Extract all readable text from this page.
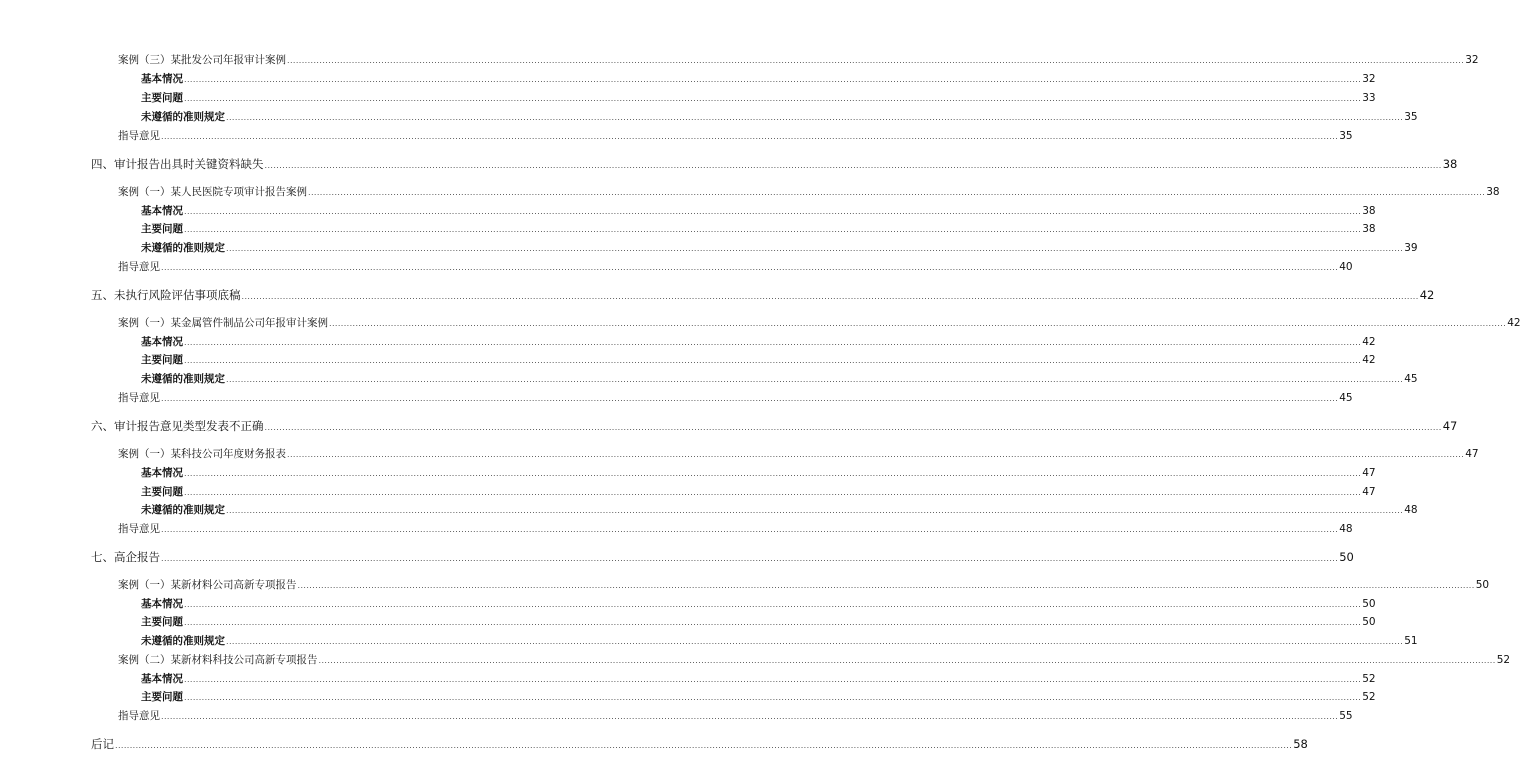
案例（三）某批发公司年报审计案例 ................................................................................................................................................................................................................................................................................................................................................................................................................ 32
基本情况 ................................................................................................................................................................................................................................................................................................................................................................................................................ 32
主要问题 ................................................................................................................................................................................................................................................................................................................................................................................................................ 33
未遵循的准则规定 ................................................................................................................................................................................................................................................................................................................................................................................................................ 35
指导意见 ................................................................................................................................................................................................................................................................................................................................................................................................................ 35
四、审计报告出具时关键资料缺失 ................................................................................................................................................................................................................................................................................................................................................................................................................ 38
案例（一）某人民医院专项审计报告案例 ................................................................................................................................................................................................................................................................................................................................................................................................................ 38
基本情况 ................................................................................................................................................................................................................................................................................................................................................................................................................ 38
主要问题 ................................................................................................................................................................................................................................................................................................................................................................................................................ 38
未遵循的准则规定 ................................................................................................................................................................................................................................................................................................................................................................................................................ 39
指导意见 ................................................................................................................................................................................................................................................................................................................................................................................................................ 40
五、未执行风险评估事项底稿 ................................................................................................................................................................................................................................................................................................................................................................................................................ 42
案例（一）某金属管件制品公司年报审计案例 ................................................................................................................................................................................................................................................................................................................................................................................................................ 42
基本情况 ................................................................................................................................................................................................................................................................................................................................................................................................................ 42
主要问题 ................................................................................................................................................................................................................................................................................................................................................................................................................ 42
未遵循的准则规定 ................................................................................................................................................................................................................................................................................................................................................................................................................ 45
指导意见 ................................................................................................................................................................................................................................................................................................................................................................................................................ 45
六、审计报告意见类型发表不正确 ................................................................................................................................................................................................................................................................................................................................................................................................................ 47
案例（一）某科技公司年度财务报表 ................................................................................................................................................................................................................................................................................................................................................................................................................ 47
基本情况 ................................................................................................................................................................................................................................................................................................................................................................................................................ 47
主要问题 ................................................................................................................................................................................................................................................................................................................................................................................................................ 47
未遵循的准则规定 ................................................................................................................................................................................................................................................................................................................................................................................................................ 48
指导意见 ................................................................................................................................................................................................................................................................................................................................................................................................................ 48
七、高企报告 ................................................................................................................................................................................................................................................................................................................................................................................................................ 50
案例（一）某新材料公司高新专项报告 ................................................................................................................................................................................................................................................................................................................................................................................................................ 50
基本情况 ................................................................................................................................................................................................................................................................................................................................................................................................................ 50
主要问题 ................................................................................................................................................................................................................................................................................................................................................................................................................ 50
未遵循的准则规定 ................................................................................................................................................................................................................................................................................................................................................................................................................ 51
案例（二）某新材料科技公司高新专项报告 ................................................................................................................................................................................................................................................................................................................................................................................................................ 52
基本情况 ................................................................................................................................................................................................................................................................................................................................................................................................................ 52
主要问题 ................................................................................................................................................................................................................................................................................................................................................................................................................ 52
指导意见 ................................................................................................................................................................................................................................................................................................................................................................................................................ 55
后记 ................................................................................................................................................................................................................................................................................................................................................................................................................ 58
